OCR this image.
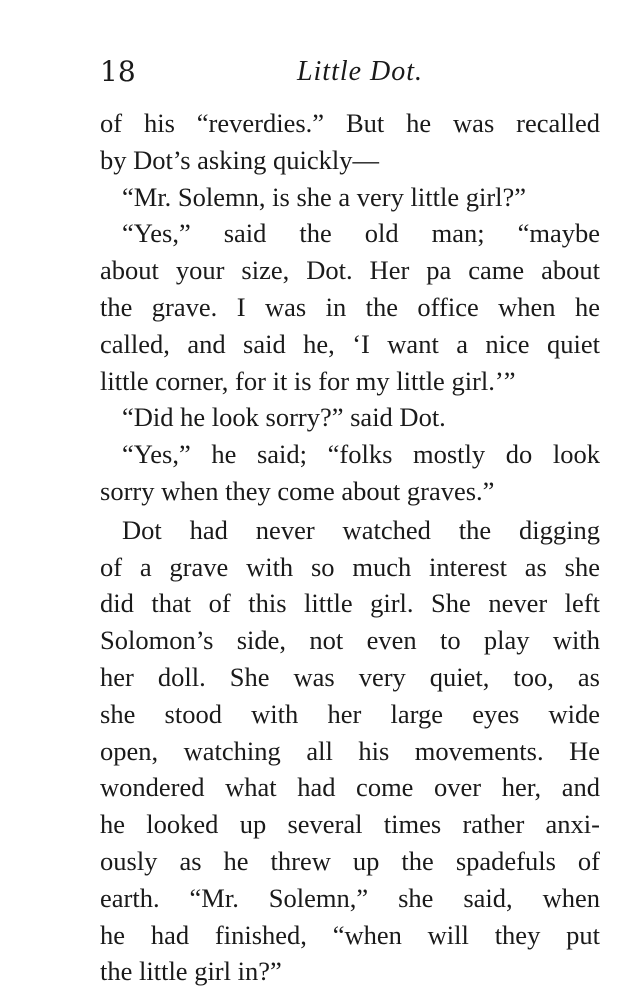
18	Little Dot.
of his “reverdies.” But he was recalled
by Dot’s asking quickly—
“Mr. Solemn, is she a very little girl?”
“Yes,” said the old man; “maybe
about your size, Dot. Her pa came about
the grave. I was in the office when he
called, and said he, ‘I want a nice quiet
little corner, for it is for my little girl.’”
“Did he look sorry?” said Dot.
“Yes,” he said; “folks mostly do look
sorry when they come about graves.”
Dot had never watched the digging
of a grave with so much interest as she
did that of this little girl. She never left
Solomon’s side, not even to play with
her doll. She was very quiet, too, as
she stood with her large eyes wide
open, watching all his movements. He
wondered what had come over her, and
he looked up several times rather anxi-
ously as he threw up the spadefuls of
earth. “Mr. Solemn,” she said, when
he had finished, “when will they put
the little girl in?”
